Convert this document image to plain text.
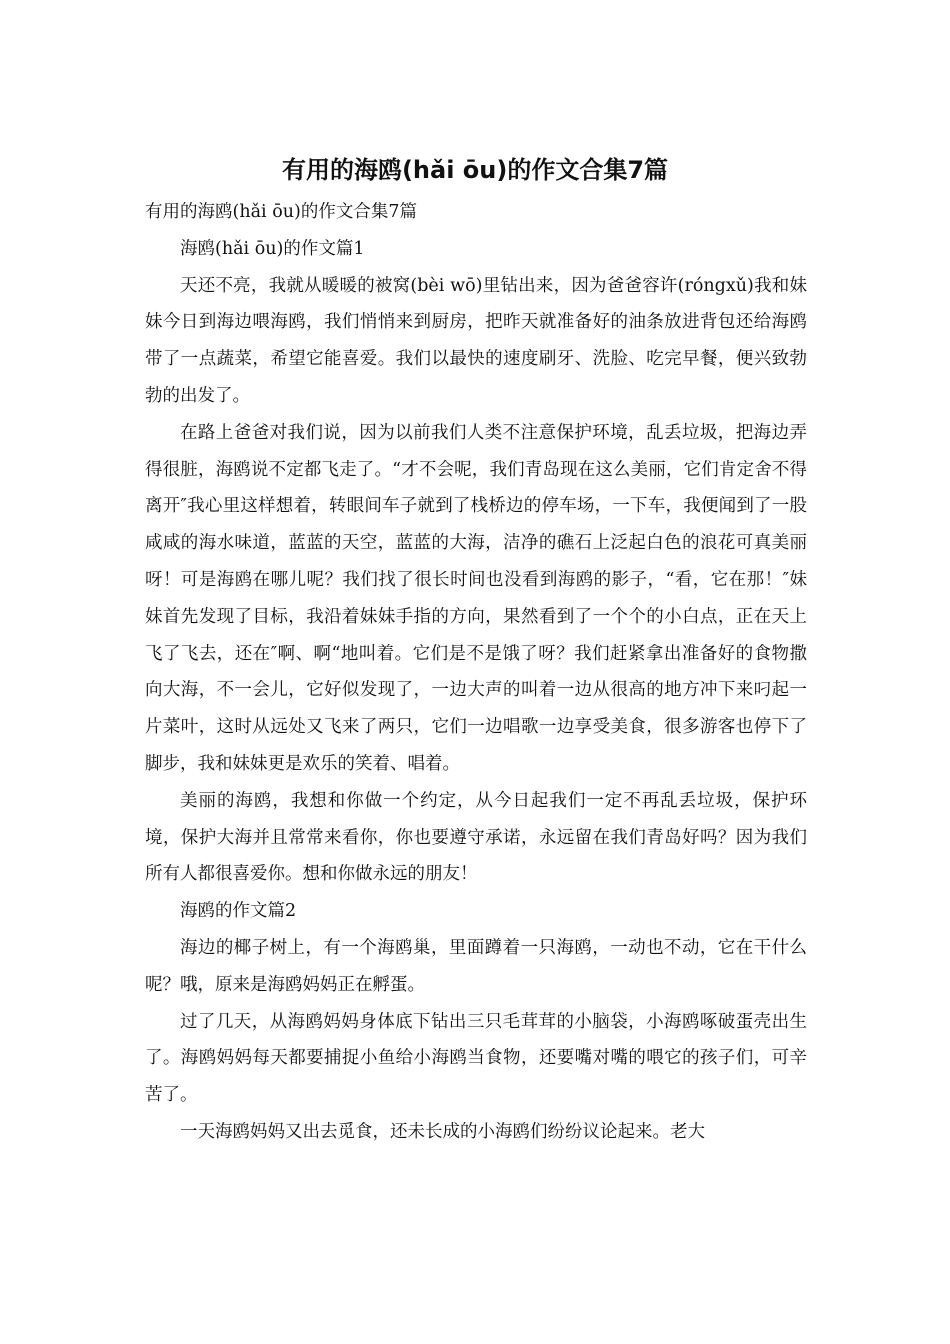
有用的海鸥(hǎi ōu)的作文合集7篇

有用的海鸥(hǎi ōu)的作文合集7篇

海鸥(hǎi ōu)的作文篇1

天还不亮，我就从暖暖的被窝(bèi wō)里钻出来，因为爸爸容许(róngxǔ)我和妹妹今日到海边喂海鸥，我们悄悄来到厨房，把昨天就准备好的油条放进背包还给海鸥带了一点蔬菜，希望它能喜爱。我们以最快的速度刷牙、洗脸、吃完早餐，便兴致勃勃的出发了。

在路上爸爸对我们说，因为以前我们人类不注意保护环境，乱丢垃圾，把海边弄得很脏，海鸥说不定都飞走了。“才不会呢，我们青岛现在这么美丽，它们肯定舍不得离开″我心里这样想着，转眼间车子就到了栈桥边的停车场，一下车，我便闻到了一股咸咸的海水味道，蓝蓝的天空，蓝蓝的大海，洁净的礁石上泛起白色的浪花可真美丽呀！可是海鸥在哪儿呢？我们找了很长时间也没看到海鸥的影子，“看，它在那！″妹妹首先发现了目标，我沿着妹妹手指的方向，果然看到了一个个的小白点，正在天上飞了飞去，还在″啊、啊“地叫着。它们是不是饿了呀？我们赶紧拿出准备好的食物撒向大海，不一会儿，它好似发现了，一边大声的叫着一边从很高的地方冲下来叼起一片菜叶，这时从远处又飞来了两只，它们一边唱歌一边享受美食，很多游客也停下了脚步，我和妹妹更是欢乐的笑着、唱着。

美丽的海鸥，我想和你做一个约定，从今日起我们一定不再乱丢垃圾，保护环境，保护大海并且常常来看你，你也要遵守承诺，永远留在我们青岛好吗？因为我们所有人都很喜爱你。想和你做永远的朋友！

海鸥的作文篇2

海边的椰子树上，有一个海鸥巢，里面蹲着一只海鸥，一动也不动，它在干什么呢？哦，原来是海鸥妈妈正在孵蛋。

过了几天，从海鸥妈妈身体底下钻出三只毛茸茸的小脑袋，小海鸥啄破蛋壳出生了。海鸥妈妈每天都要捕捉小鱼给小海鸥当食物，还要嘴对嘴的喂它的孩子们，可辛苦了。

一天海鸥妈妈又出去觅食，还未长成的小海鸥们纷纷议论起来。老大
